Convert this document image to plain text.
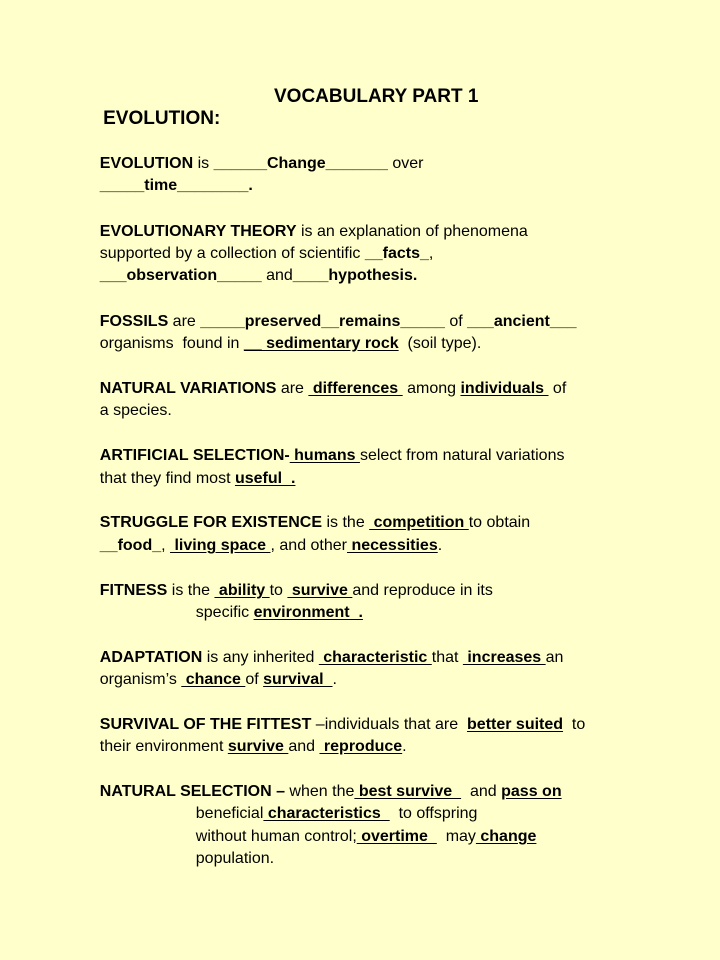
EVOLUTION:

VOCABULARY PART 1

EVOLUTION is ______Change_______ over

_____time________.

EVOLUTIONARY THEORY is an explanation of phenomena

supported by a collection of scientific __facts_,

___observation_____ and____hypothesis.

FOSSILS are _____preserved__remains_____ of ___ancient___

organisms  found in __ sedimentary rock  (soil type).

NATURAL VARIATIONS are  differences  among individuals  of

a species.

ARTIFICIAL SELECTION- humans select from natural variations

that they find most useful  .

STRUGGLE FOR EXISTENCE is the  competition to obtain

__food_,  living space , and other necessities.

FITNESS is the  ability to  survive and reproduce in its

specific environment  .

ADAPTATION is any inherited  characteristic that  increases an

organism’s  chance of survival  .

SURVIVAL OF THE FITTEST –individuals that are  better suited  to

their environment survive and  reproduce.

NATURAL SELECTION – when the best survive    and pass on

beneficial characteristics    to offspring

without human control; overtime    may change

population.
